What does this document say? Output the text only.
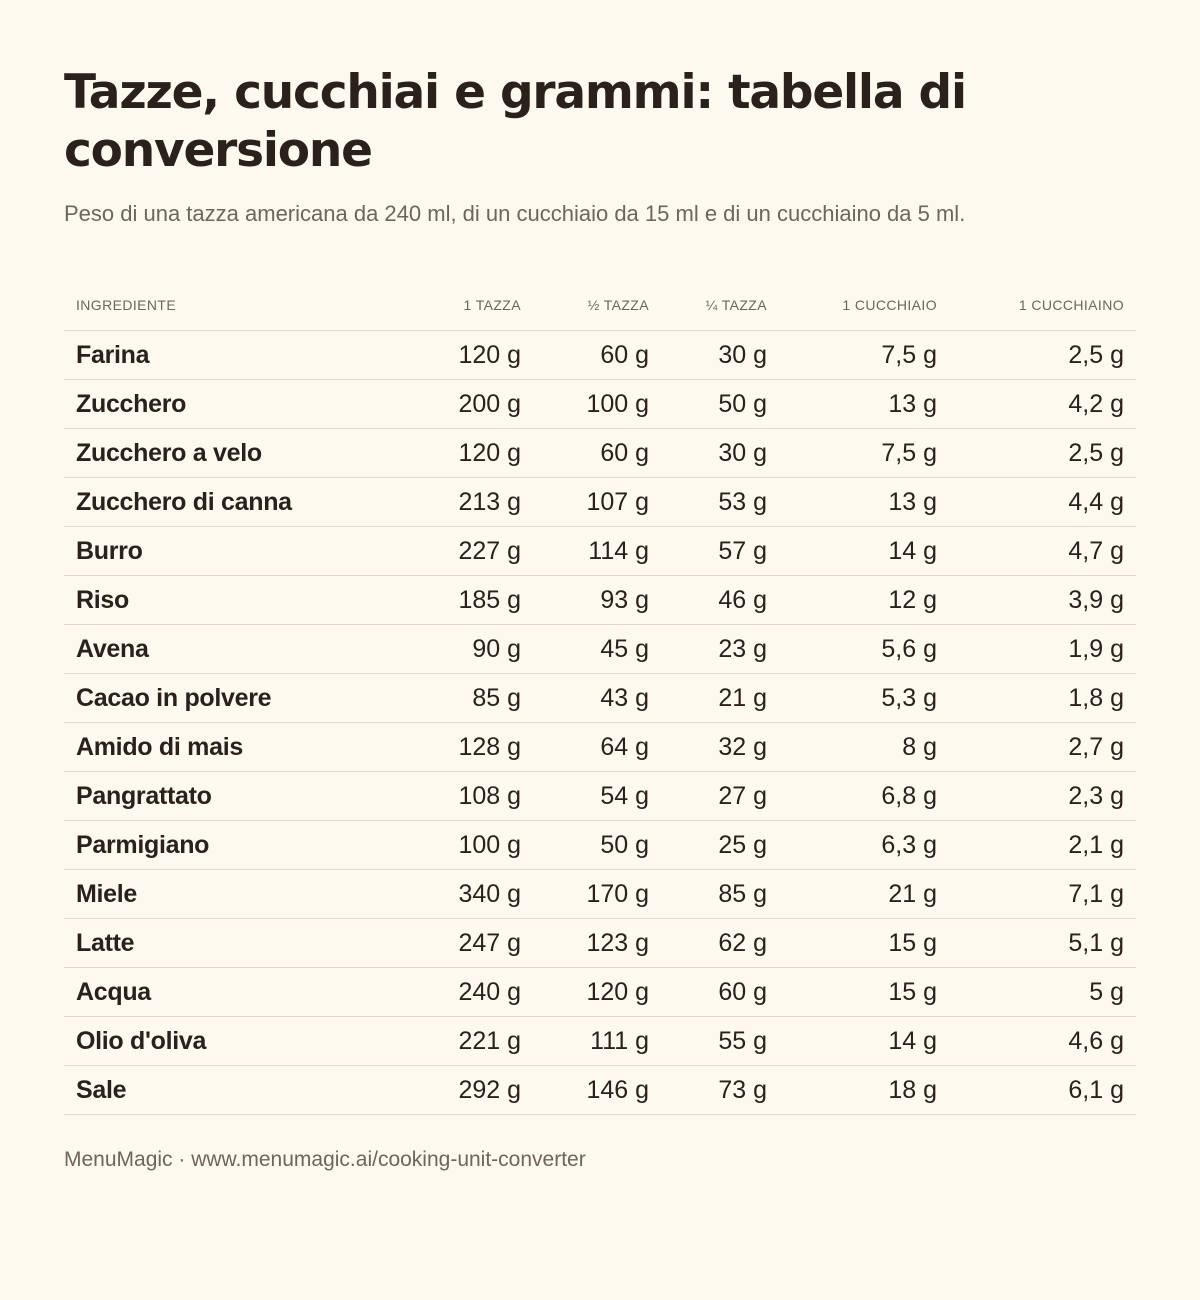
Tazze, cucchiai e grammi: tabella di conversione

Peso di una tazza americana da 240 ml, di un cucchiaio da 15 ml e di un cucchiaino da 5 ml.

INGREDIENTE	1 TAZZA	½ TAZZA	¼ TAZZA	1 CUCCHIAIO	1 CUCCHIAINO
Farina	120 g	60 g	30 g	7,5 g	2,5 g
Zucchero	200 g	100 g	50 g	13 g	4,2 g
Zucchero a velo	120 g	60 g	30 g	7,5 g	2,5 g
Zucchero di canna	213 g	107 g	53 g	13 g	4,4 g
Burro	227 g	114 g	57 g	14 g	4,7 g
Riso	185 g	93 g	46 g	12 g	3,9 g
Avena	90 g	45 g	23 g	5,6 g	1,9 g
Cacao in polvere	85 g	43 g	21 g	5,3 g	1,8 g
Amido di mais	128 g	64 g	32 g	8 g	2,7 g
Pangrattato	108 g	54 g	27 g	6,8 g	2,3 g
Parmigiano	100 g	50 g	25 g	6,3 g	2,1 g
Miele	340 g	170 g	85 g	21 g	7,1 g
Latte	247 g	123 g	62 g	15 g	5,1 g
Acqua	240 g	120 g	60 g	15 g	5 g
Olio d'oliva	221 g	111 g	55 g	14 g	4,6 g
Sale	292 g	146 g	73 g	18 g	6,1 g

MenuMagic · www.menumagic.ai/cooking-unit-converter
